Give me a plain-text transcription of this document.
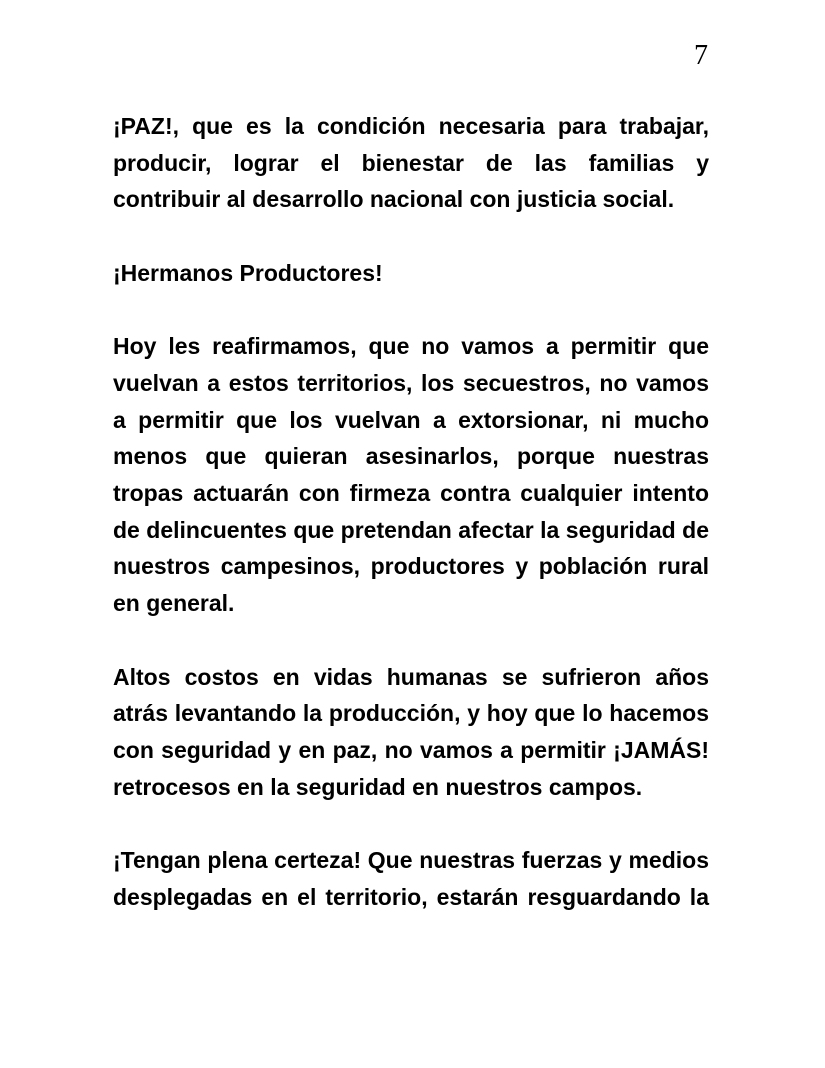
7

¡PAZ!, que es la condición necesaria para trabajar, producir, lograr el bienestar de las familias y contribuir al desarrollo nacional con justicia social.

¡Hermanos Productores!

Hoy les reafirmamos, que no vamos a permitir que vuelvan a estos territorios, los secuestros, no vamos a permitir que los vuelvan a extorsionar, ni mucho menos que quieran asesinarlos, porque nuestras tropas actuarán con firmeza contra cualquier intento de delincuentes que pretendan afectar la seguridad de nuestros campesinos, productores y población rural en general.

Altos costos en vidas humanas se sufrieron años atrás levantando la producción, y hoy que lo hacemos con seguridad y en paz, no vamos a permitir ¡JAMÁS! retrocesos en la seguridad en nuestros campos.

¡Tengan plena certeza! Que nuestras fuerzas y medios desplegadas en el territorio, estarán resguardando la
